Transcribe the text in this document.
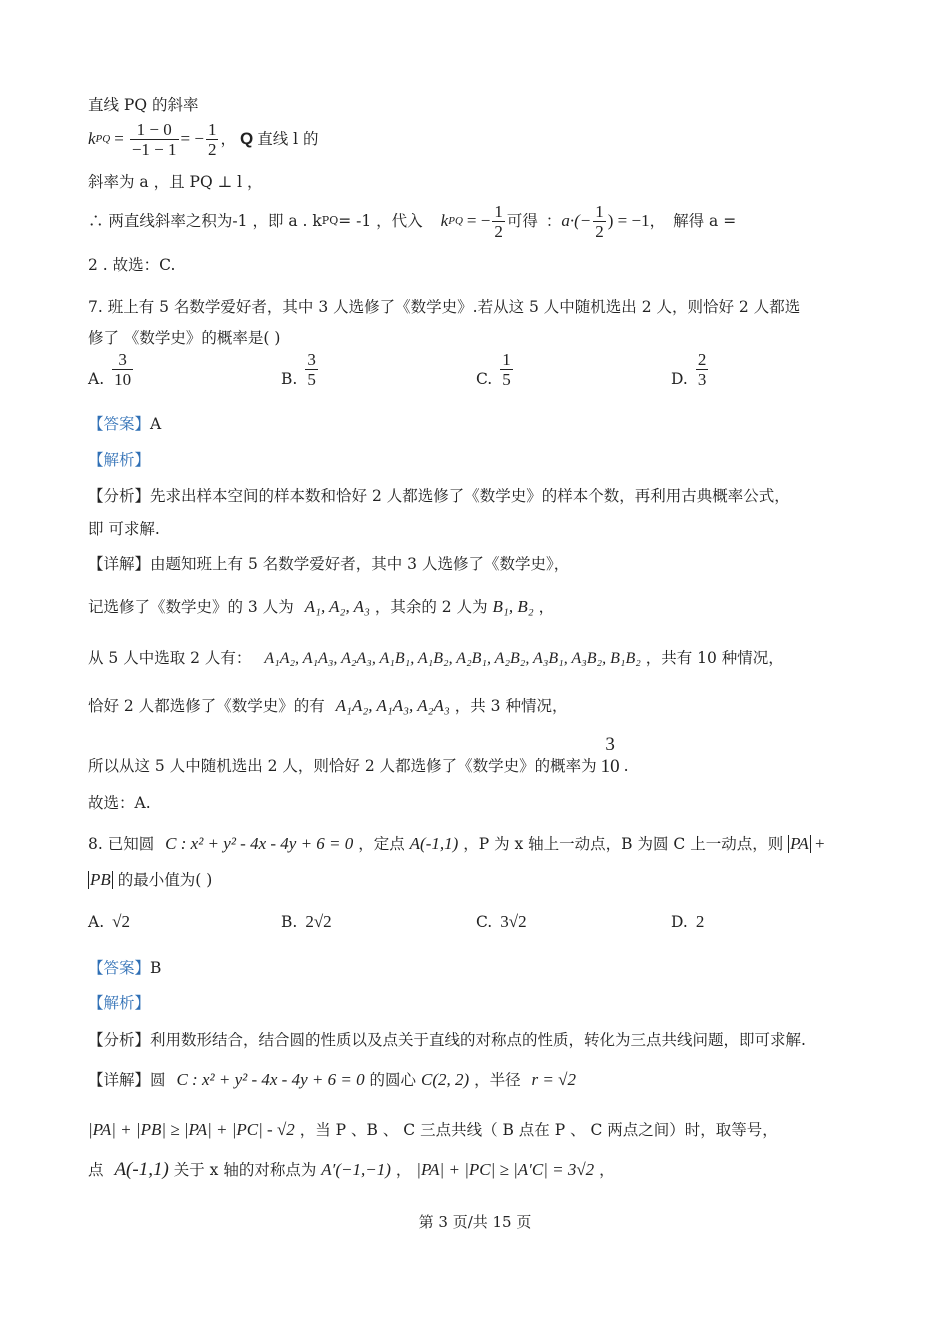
直线 PQ 的斜率
k PQ = $\frac{1 - 0}{-1 - 1}$ = − $\frac{1}{2}$ ， Q 直线 l 的
斜率为 a ，且 PQ ⊥ l ，
∴ 两直线斜率之积为-1 ，即 a . k PQ = -1 ，代入 k PQ = − $\frac{1}{2}$ 可得 ： $a\cdot(- \frac{1}{2}$ ) = −1 ， 解得 a =
2 . 故选：C.
7. 班上有 5 名数学爱好者，其中 3 人选修了《数学史》.若从这 5 人中随机选出 2 人，则恰好 2 人都选
修了 《数学史》的概率是( )
A. $\frac{3}{10}$	B. $\frac{3}{5}$	C. $\frac{1}{5}$	D. $\frac{2}{3}$
【答案】A
【解析】
【分析】先求出样本空间的样本数和恰好 2 人都选修了《数学史》的样本个数，再利用古典概率公式，
即 可求解.
【详解】由题知班上有 5 名数学爱好者，其中 3 人选修了《数学史》，
记选修了《数学史》的 3 人为 A₁, A₂, A₃ ，其余的 2 人为 B₁, B₂ ，
从 5 人中选取 2 人有： A₁A₂, A₁A₃, A₂A₃, A₁B₁, A₁B₂, A₂B₁, A₂B₂, A₃B₁, A₃B₂, B₁B₂ ，共有 10 种情况，
恰好 2 人都选修了《数学史》的有 A₁A₂, A₁A₃, A₂A₃ ，共 3 种情况，
所以从这 5 人中随机选出 2 人，则恰好 2 人都选修了《数学史》的概率为
3
10 .
故选：A.
8. 已知圆 C : x² + y² - 4x - 4y + 6 = 0 ，定点 A(-1,1) ，P 为 x 轴上一动点，B 为圆 C 上一动点，则 PA +
PB 的最小值为( )
A. √2	B. 2√2	C. 3√2	D. 2
【答案】B
【解析】
【分析】利用数形结合，结合圆的性质以及点关于直线的对称点的性质，转化为三点共线问题，即可求解.
【详解】圆 C : x² + y² - 4x - 4y + 6 = 0 的圆心 C(2, 2) ，半径 r = √2
|PA| + |PB| ≥ |PA| + |PC| - √2 ，当 P 、B 、 C 三点共线（ B 点在 P 、 C 两点之间）时，取等号，
点 A(-1,1) 关于 x 轴的对称点为 A′(−1,−1) ， |PA| + |PC| ≥ |A′C| = 3√2 ，
第 3 页/共 15 页
